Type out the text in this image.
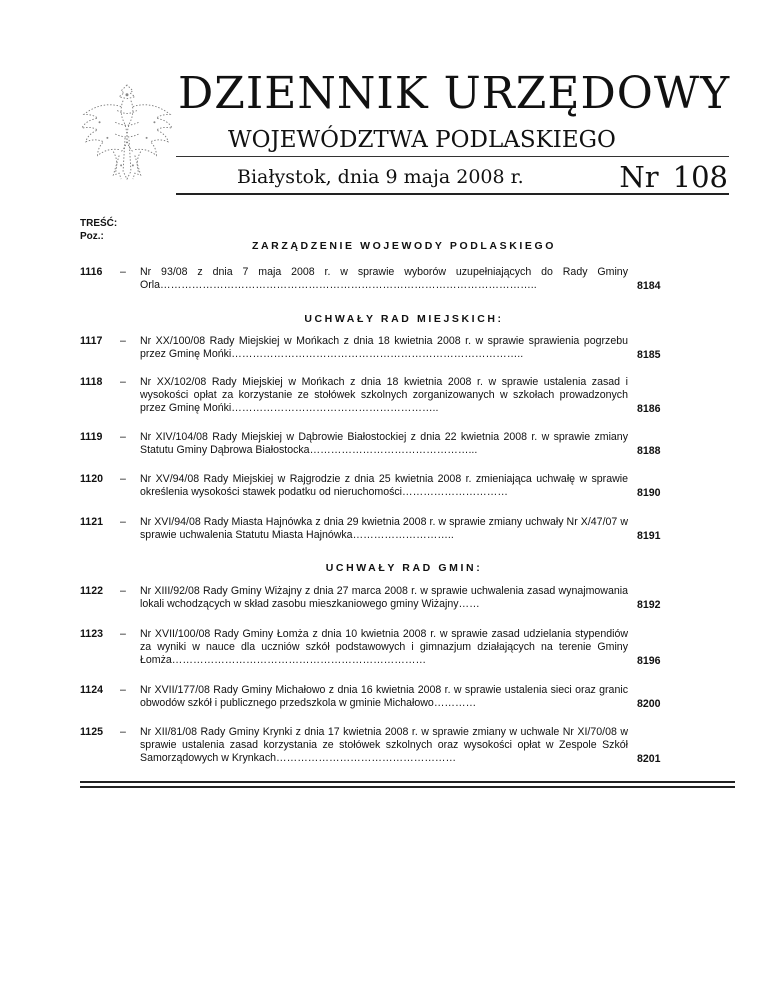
DZIENNIK URZĘDOWY
WOJEWÓDZTWA PODLASKIEGO
Białystok, dnia 9 maja 2008 r.	Nr 108
TREŚĆ:
Poz.:
ZARZĄDZENIE WOJEWODY PODLASKIEGO
1116 – Nr 93/08 z dnia 7 maja 2008 r. w sprawie wyborów uzupełniających do Rady Gminy Orla……………………………………………………………………………………………..	8184
UCHWAŁY RAD MIEJSKICH:
1117 – Nr XX/100/08 Rady Miejskiej w Mońkach z dnia 18 kwietnia 2008 r. w sprawie sprawienia pogrzebu przez Gminę Mońki………………………………………………………………………..	8185
1118 – Nr XX/102/08 Rady Miejskiej w Mońkach z dnia 18 kwietnia 2008 r. w sprawie ustalenia zasad i wysokości opłat za korzystanie ze stołówek szkolnych zorganizowanych w szkołach prowadzonych przez Gminę Mońki…………………………………………………..	8186
1119 – Nr XIV/104/08 Rady Miejskiej w Dąbrowie Białostockiej z dnia 22 kwietnia 2008 r. w sprawie zmiany Statutu Gminy Dąbrowa Białostocka………………………………………...	8188
1120 – Nr XV/94/08 Rady Miejskiej w Rajgrodzie z dnia 25 kwietnia 2008 r. zmieniająca uchwałę w sprawie określenia wysokości stawek podatku od nieruchomości…………………………	8190
1121 – Nr XVI/94/08 Rady Miasta Hajnówka z dnia 29 kwietnia 2008 r. w sprawie zmiany uchwały Nr X/47/07 w sprawie uchwalenia Statutu Miasta Hajnówka………………………..	8191
UCHWAŁY RAD GMIN:
1122 – Nr XIII/92/08 Rady Gminy Wiżajny z dnia 27 marca 2008 r. w sprawie uchwalenia zasad wynajmowania lokali wchodzących w skład zasobu mieszkaniowego gminy Wiżajny……	8192
1123 – Nr XVII/100/08 Rady Gminy Łomża z dnia 10 kwietnia 2008 r. w sprawie zasad udzielania stypendiów za wyniki w nauce dla uczniów szkół podstawowych i gimnazjum działających na terenie Gminy Łomża………………………………………………………………	8196
1124 – Nr XVII/177/08 Rady Gminy Michałowo z dnia 16 kwietnia 2008 r. w sprawie ustalenia sieci oraz granic obwodów szkół i publicznego przedszkola w gminie Michałowo…………	8200
1125 – Nr XII/81/08 Rady Gminy Krynki z dnia 17 kwietnia 2008 r. w sprawie zmiany w uchwale Nr XI/70/08 w sprawie ustalenia zasad korzystania ze stołówek szkolnych oraz wysokości opłat w Zespole Szkół Samorządowych w Krynkach……………………………………………	8201
